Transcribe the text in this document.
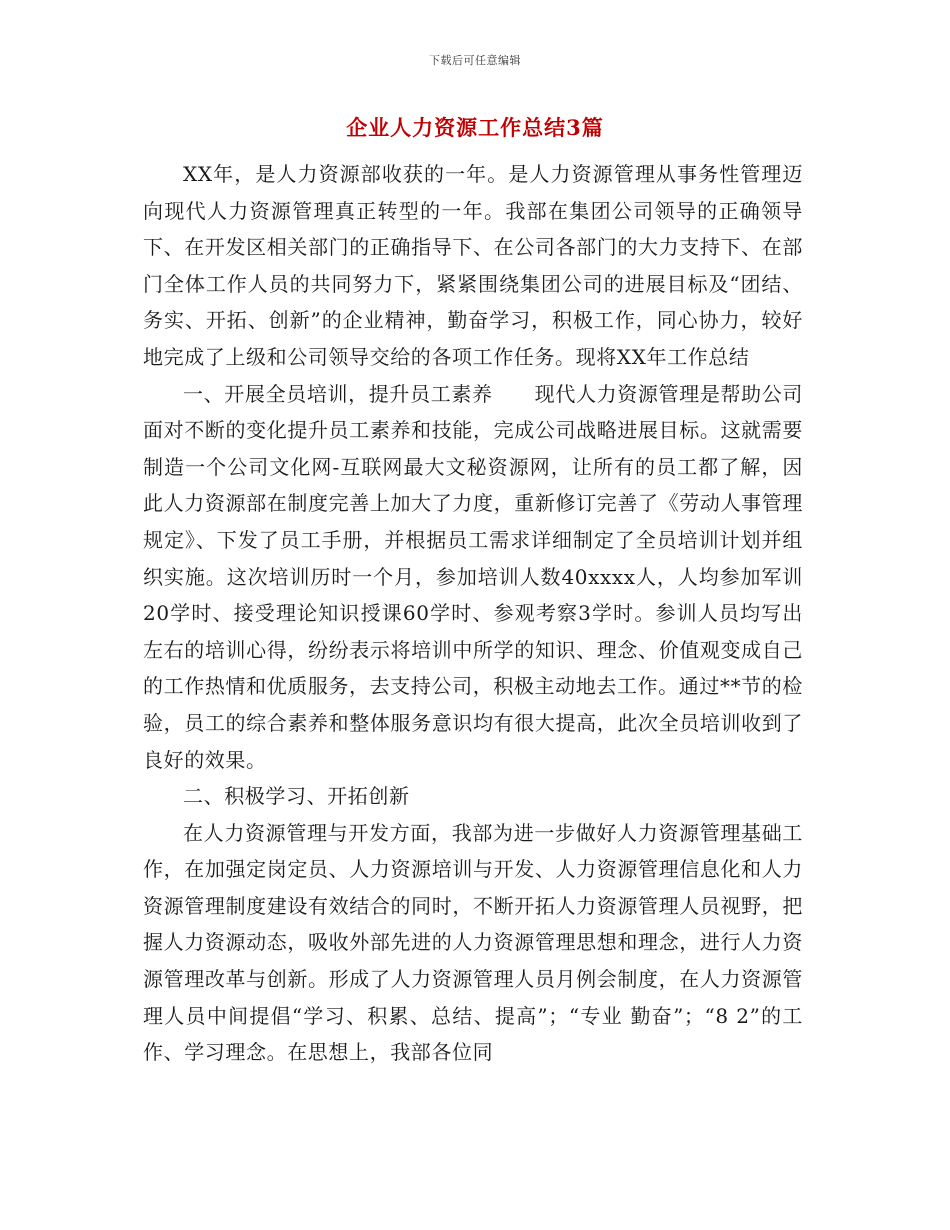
下载后可任意编辑
企业人力资源工作总结3篇

XX年，是人力资源部收获的一年。是人力资源管理从事务性管理迈向现代人力资源管理真正转型的一年。我部在集团公司领导的正确领导下、在开发区相关部门的正确指导下、在公司各部门的大力支持下、在部门全体工作人员的共同努力下，紧紧围绕集团公司的进展目标及“团结、务实、开拓、创新”的企业精神，勤奋学习，积极工作，同心协力，较好地完成了上级和公司领导交给的各项工作任务。现将XX年工作总结

一、开展全员培训，提升员工素养 现代人力资源管理是帮助公司面对不断的变化提升员工素养和技能，完成公司战略进展目标。这就需要制造一个公司文化网-互联网最大文秘资源网，让所有的员工都了解，因此人力资源部在制度完善上加大了力度，重新修订完善了《劳动人事管理规定》、下发了员工手册，并根据员工需求详细制定了全员培训计划并组织实施。这次培训历时一个月，参加培训人数40xxxx人，人均参加军训20学时、接受理论知识授课60学时、参观考察3学时。参训人员均写出左右的培训心得，纷纷表示将培训中所学的知识、理念、价值观变成自己的工作热情和优质服务，去支持公司，积极主动地去工作。通过**节的检验，员工的综合素养和整体服务意识均有很大提高，此次全员培训收到了良好的效果。

二、积极学习、开拓创新

在人力资源管理与开发方面，我部为进一步做好人力资源管理基础工作，在加强定岗定员、人力资源培训与开发、人力资源管理信息化和人力资源管理制度建设有效结合的同时，不断开拓人力资源管理人员视野，把握人力资源动态，吸收外部先进的人力资源管理思想和理念，进行人力资源管理改革与创新。形成了人力资源管理人员月例会制度，在人力资源管理人员中间提倡“学习、积累、总结、提高”；“专业 勤奋”；“8 2”的工作、学习理念。在思想上，我部各位同
